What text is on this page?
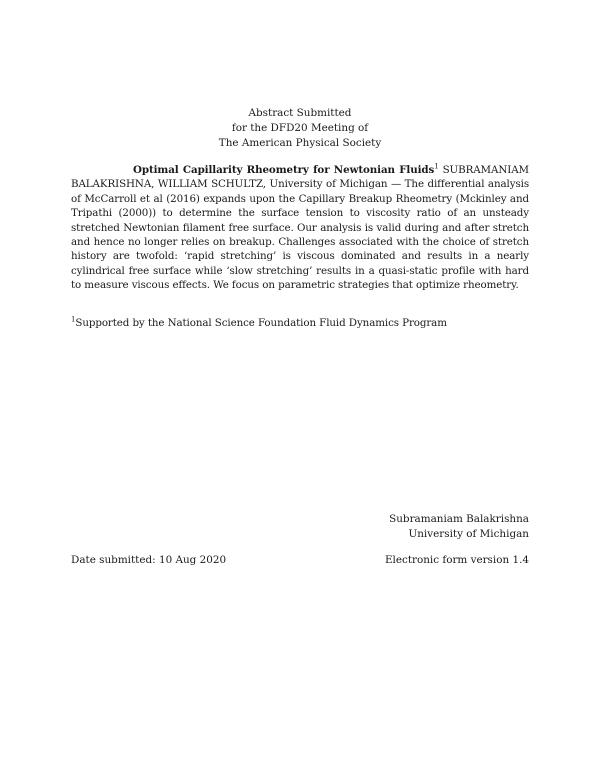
Abstract Submitted
for the DFD20 Meeting of
The American Physical Society
Optimal Capillarity Rheometry for Newtonian Fluids$^1$ SUBRAMANIAM BALAKRISHNA, WILLIAM SCHULTZ, University of Michigan — The differential analysis of McCarroll et al (2016) expands upon the Capillary Breakup Rheometry (Mckinley and Tripathi (2000)) to determine the surface tension to viscosity ratio of an unsteady stretched Newtonian filament free surface. Our analysis is valid during and after stretch and hence no longer relies on breakup. Challenges associated with the choice of stretch history are twofold: ‘rapid stretching’ is viscous dominated and results in a nearly cylindrical free surface while ‘slow stretching’ results in a quasi-static profile with hard to measure viscous effects. We focus on parametric strategies that optimize rheometry.
$^1$Supported by the National Science Foundation Fluid Dynamics Program
Subramaniam Balakrishna
University of Michigan
Date submitted: 10 Aug 2020	Electronic form version 1.4
